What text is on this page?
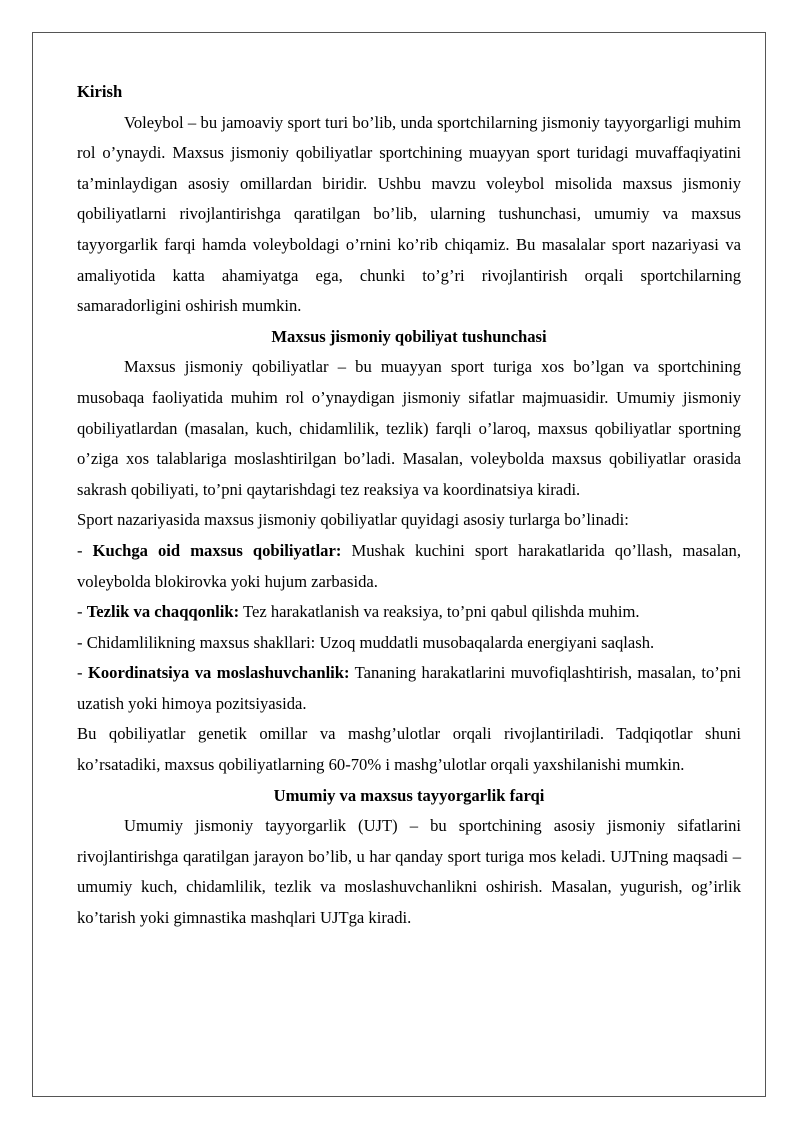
Kirish

Voleybol – bu jamoaviy sport turi bo’lib, unda sportchilarning jismoniy tayyorgarligi muhim rol o’ynaydi. Maxsus jismoniy qobiliyatlar sportchining muayyan sport turidagi muvaffaqiyatini ta’minlaydigan asosiy omillardan biridir. Ushbu mavzu voleybol misolida maxsus jismoniy qobiliyatlarni rivojlantirishga qaratilgan bo’lib, ularning tushunchasi, umumiy va maxsus tayyorgarlik farqi hamda voleyboldagi o’rnini ko’rib chiqamiz. Bu masalalar sport nazariyasi va amaliyotida katta ahamiyatga ega, chunki to’g’ri rivojlantirish orqali sportchilarning samaradorligini oshirish mumkin.

Maxsus jismoniy qobiliyat tushunchasi

Maxsus jismoniy qobiliyatlar – bu muayyan sport turiga xos bo’lgan va sportchining musobaqa faoliyatida muhim rol o’ynaydigan jismoniy sifatlar majmuasidir. Umumiy jismoniy qobiliyatlardan (masalan, kuch, chidamlilik, tezlik) farqli o’laroq, maxsus qobiliyatlar sportning o’ziga xos talablariga moslashtirilgan bo’ladi. Masalan, voleybolda maxsus qobiliyatlar orasida sakrash qobiliyati, to’pni qaytarishdagi tez reaksiya va koordinatsiya kiradi.

Sport nazariyasida maxsus jismoniy qobiliyatlar quyidagi asosiy turlarga bo’linadi:

- Kuchga oid maxsus qobiliyatlar: Mushak kuchini sport harakatlarida qo’llash, masalan, voleybolda blokirovka yoki hujum zarbasida.

- Tezlik va chaqqonlik: Tez harakatlanish va reaksiya, to’pni qabul qilishda muhim.

- Chidamlilikning maxsus shakllari: Uzoq muddatli musobaqalarda energiyani saqlash.

- Koordinatsiya va moslashuvchanlik: Tananing harakatlarini muvofiqlashtirish, masalan, to’pni uzatish yoki himoya pozitsiyasida.

Bu qobiliyatlar genetik omillar va mashg’ulotlar orqali rivojlantiriladi. Tadqiqotlar shuni ko’rsatadiki, maxsus qobiliyatlarning 60-70% i mashg’ulotlar orqali yaxshilanishi mumkin.

Umumiy va maxsus tayyorgarlik farqi

Umumiy jismoniy tayyorgarlik (UJT) – bu sportchining asosiy jismoniy sifatlarini rivojlantirishga qaratilgan jarayon bo’lib, u har qanday sport turiga mos keladi. UJTning maqsadi – umumiy kuch, chidamlilik, tezlik va moslashuvchanlikni oshirish. Masalan, yugurish, og’irlik ko’tarish yoki gimnastika mashqlari UJTga kiradi.
